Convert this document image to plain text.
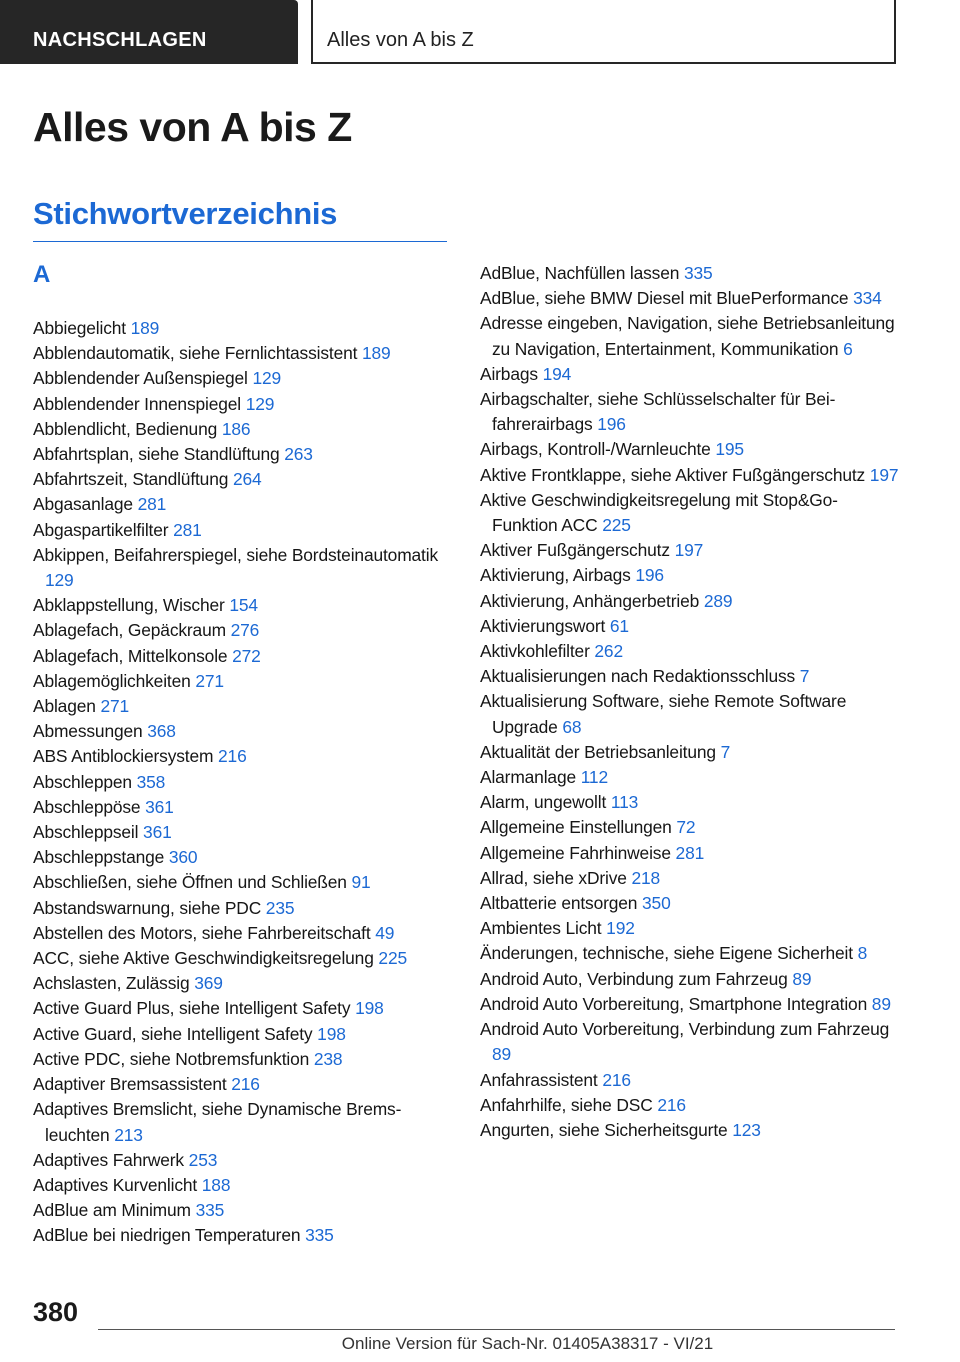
NACHSCHLAGEN	Alles von A bis Z
Alles von A bis Z
Stichwortverzeichnis
A
Abbiegelicht 189
Abblendautomatik, siehe Fernlichtassistent 189
Abblendender Außenspiegel 129
Abblendender Innenspiegel 129
Abblendlicht, Bedienung 186
Abfahrtsplan, siehe Standlüftung 263
Abfahrtszeit, Standlüftung 264
Abgasanlage 281
Abgaspartikelfilter 281
Abkippen, Beifahrerspiegel, siehe Bordsteinautomatik 129
Abklappstellung, Wischer 154
Ablagefach, Gepäckraum 276
Ablagefach, Mittelkonsole 272
Ablagemöglichkeiten 271
Ablagen 271
Abmessungen 368
ABS Antiblockiersystem 216
Abschleppen 358
Abschleppöse 361
Abschleppseil 361
Abschleppstange 360
Abschließen, siehe Öffnen und Schließen 91
Abstandswarnung, siehe PDC 235
Abstellen des Motors, siehe Fahrbereitschaft 49
ACC, siehe Aktive Geschwindigkeitsregelung 225
Achslasten, Zulässig 369
Active Guard Plus, siehe Intelligent Safety 198
Active Guard, siehe Intelligent Safety 198
Active PDC, siehe Notbremsfunktion 238
Adaptiver Bremsassistent 216
Adaptives Bremslicht, siehe Dynamische Bremsleuchten 213
Adaptives Fahrwerk 253
Adaptives Kurvenlicht 188
AdBlue am Minimum 335
AdBlue bei niedrigen Temperaturen 335
AdBlue, Nachfüllen lassen 335
AdBlue, siehe BMW Diesel mit BluePerformance 334
Adresse eingeben, Navigation, siehe Betriebsanleitung zu Navigation, Entertainment, Kommunikation 6
Airbags 194
Airbagschalter, siehe Schlüsselschalter für Beifahrerairbags 196
Airbags, Kontroll-/Warnleuchte 195
Aktive Frontklappe, siehe Aktiver Fußgängerschutz 197
Aktive Geschwindigkeitsregelung mit Stop&Go-Funktion ACC 225
Aktiver Fußgängerschutz 197
Aktivierung, Airbags 196
Aktivierung, Anhängerbetrieb 289
Aktivierungswort 61
Aktivkohlefilter 262
Aktualisierungen nach Redaktionsschluss 7
Aktualisierung Software, siehe Remote Software Upgrade 68
Aktualität der Betriebsanleitung 7
Alarmanlage 112
Alarm, ungewollt 113
Allgemeine Einstellungen 72
Allgemeine Fahrhinweise 281
Allrad, siehe xDrive 218
Altbatterie entsorgen 350
Ambientes Licht 192
Änderungen, technische, siehe Eigene Sicherheit 8
Android Auto, Verbindung zum Fahrzeug 89
Android Auto Vorbereitung, Smartphone Integration 89
Android Auto Vorbereitung, Verbindung zum Fahrzeug 89
Anfahrassistent 216
Anfahrhilfe, siehe DSC 216
Angurten, siehe Sicherheitsgurte 123
380
Online Version für Sach-Nr. 01405A38317 - VI/21
